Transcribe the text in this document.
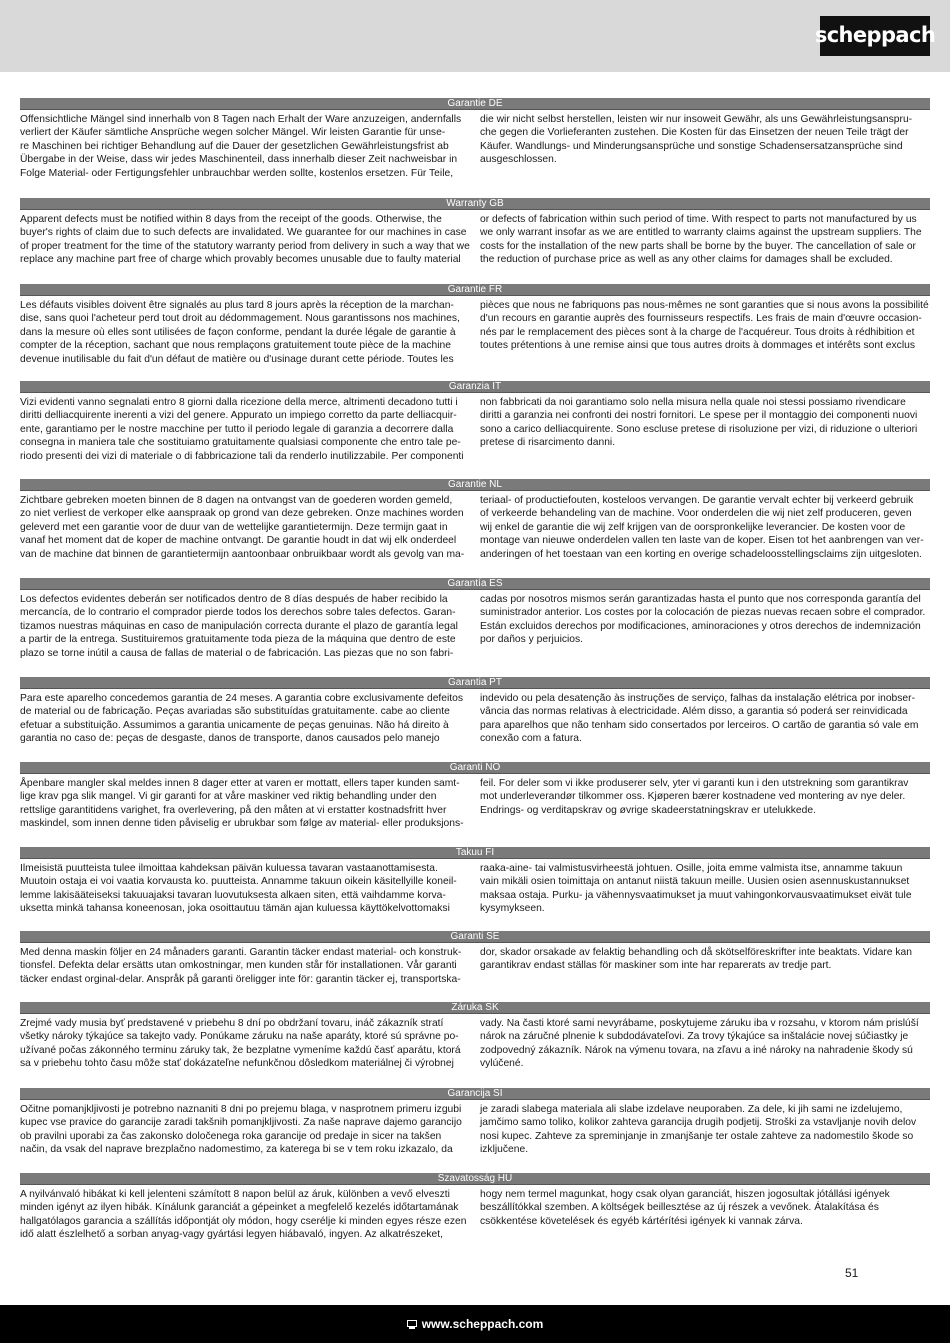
scheppach
Garantie DE
Offensichtliche Mängel sind innerhalb von 8 Tagen nach Erhalt der Ware anzuzeigen, andernfalls
verliert der Käufer sämtliche Ansprüche wegen solcher Mängel. Wir leisten Garantie für unse-
re Maschinen bei richtiger Behandlung auf die Dauer der gesetzlichen Gewährleistungsfrist ab
Übergabe in der Weise, dass wir jedes Maschinenteil, dass innerhalb dieser Zeit nachweisbar in
Folge Material- oder Fertigungsfehler unbrauchbar werden sollte, kostenlos ersetzen. Für Teile,
die wir nicht selbst herstellen, leisten wir nur insoweit Gewähr, als uns Gewährleistungsanspru-
che gegen die Vorlieferanten zustehen. Die Kosten für das Einsetzen der neuen Teile trägt der
Käufer. Wandlungs- und Minderungsansprüche und sonstige Schadensersatzansprüche sind
ausgeschlossen.
Warranty GB
Apparent defects must be notified within 8 days from the receipt of the goods. Otherwise, the
buyer's rights of claim due to such defects are invalidated. We guarantee for our machines in case
of proper treatment for the time of the statutory warranty period from delivery in such a way that we
replace any machine part free of charge which provably becomes unusable due to faulty material
or defects of fabrication within such period of time. With respect to parts not manufactured by us
we only warrant insofar as we are entitled to warranty claims against the upstream suppliers. The
costs for the installation of the new parts shall be borne by the buyer. The cancellation of sale or
the reduction of purchase price as well as any other claims for damages shall be excluded.
Garantie FR
Les défauts visibles doivent être signalés au plus tard 8 jours après la réception de la marchan-
dise, sans quoi l'acheteur perd tout droit au dédommagement. Nous garantissons nos machines,
dans la mesure où elles sont utilisées de façon conforme, pendant la durée légale de garantie à
compter de la réception, sachant que nous remplaçons gratuitement toute pièce de la machine
devenue inutilisable du fait d'un défaut de matière ou d'usinage durant cette période. Toutes les
pièces que nous ne fabriquons pas nous-mêmes ne sont garanties que si nous avons la possibilité
d'un recours en garantie auprès des fournisseurs respectifs. Les frais de main d'œuvre occasion-
nés par le remplacement des pièces sont à la charge de l'acquéreur. Tous droits à rédhibition et
toutes prétentions à une remise ainsi que tous autres droits à dommages et intérêts sont exclus
Garanzia IT
Vizi evidenti vanno segnalati entro 8 giorni dalla ricezione della merce, altrimenti decadono tutti i
diritti delliacquirente inerenti a vizi del genere. Appurato un impiego corretto da parte delliacquir-
ente, garantiamo per le nostre macchine per tutto il periodo legale di garanzia a decorrere dalla
consegna in maniera tale che sostituiamo gratuitamente qualsiasi componente che entro tale pe-
riodo presenti dei vizi di materiale o di fabbricazione tali da renderlo inutilizzabile. Per componenti
non fabbricati da noi garantiamo solo nella misura nella quale noi stessi possiamo rivendicare
diritti a garanzia nei confronti dei nostri fornitori. Le spese per il montaggio dei componenti nuovi
sono a carico delliacquirente. Sono escluse pretese di risoluzione per vizi, di riduzione o ulteriori
pretese di risarcimento danni.
Garantie NL
Zichtbare gebreken moeten binnen de 8 dagen na ontvangst van de goederen worden gemeld,
zo niet verliest de verkoper elke aanspraak op grond van deze gebreken. Onze machines worden
geleverd met een garantie voor de duur van de wettelijke garantietermijn. Deze termijn gaat in
vanaf het moment dat de koper de machine ontvangt. De garantie houdt in dat wij elk onderdeel
van de machine dat binnen de garantietermijn aantoonbaar onbruikbaar wordt als gevolg van ma-
teriaal- of productiefouten, kosteloos vervangen. De garantie vervalt echter bij verkeerd gebruik
of verkeerde behandeling van de machine. Voor onderdelen die wij niet zelf produceren, geven
wij enkel de garantie die wij zelf krijgen van de oorspronkelijke leverancier. De kosten voor de
montage van nieuwe onderdelen vallen ten laste van de koper. Eisen tot het aanbrengen van ver-
anderingen of het toestaan van een korting en overige schadeloosstellingsclaims zijn uitgesloten.
Garantía ES
Los defectos evidentes deberán ser notificados dentro de 8 días después de haber recibido la
mercancía, de lo contrario el comprador pierde todos los derechos sobre tales defectos. Garan-
tizamos nuestras máquinas en caso de manipulación correcta durante el plazo de garantía legal
a partir de la entrega. Sustituiremos gratuitamente toda pieza de la máquina que dentro de este
plazo se torne inútil a causa de fallas de material o de fabricación. Las piezas que no son fabri-
cadas por nosotros mismos serán garantizadas hasta el punto que nos corresponda garantía del
suministrador anterior. Los costes por la colocación de piezas nuevas recaen sobre el comprador.
Están excluidos derechos por modificaciones, aminoraciones y otros derechos de indemnización
por daños y perjuicios.
Garantia PT
Para este aparelho concedemos garantia de 24 meses. A garantia cobre exclusivamente defeitos
de material ou de fabricação. Peças avariadas são substituídas gratuitamente. cabe ao cliente
efetuar a substituição. Assumimos a garantia unicamente de peças genuinas. Não há direito à
garantia no caso de: peças de desgaste, danos de transporte, danos causados pelo manejo
indevido ou pela desatenção às instruções de serviço, falhas da instalação elétrica por inobser-
vância das normas relativas à electricidade. Além disso, a garantia só poderá ser reinvidicada
para aparelhos que não tenham sido consertados por lerceiros. O cartão de garantia só vale em
conexão com a fatura.
Garanti NO
Åpenbare mangler skal meldes innen 8 dager etter at varen er mottatt, ellers taper kunden samt-
lige krav pga slik mangel. Vi gir garanti for at våre maskiner ved riktig behandling under den
rettslige garantitidens varighet, fra overlevering, på den måten at vi erstatter kostnadsfritt hver
maskindel, som innen denne tiden påviselig er ubrukbar som følge av material- eller produksjons-
feil. For deler som vi ikke produserer selv, yter vi garanti kun i den utstrekning som garantikrav
mot underleverandør tilkommer oss. Kjøperen bærer kostnadene ved montering av nye deler.
Endrings- og verditapskrav og øvrige skadeerstatningskrav er utelukkede.
Takuu FI
Ilmeisistä puutteista tulee ilmoittaa kahdeksan päivän kuluessa tavaran vastaanottamisesta.
Muutoin ostaja ei voi vaatia korvausta ko. puutteista. Annamme takuun oikein käsitellyille koneil-
lemme lakisääteiseksi takuuajaksi tavaran luovutuksesta alkaen siten, että vaihdamme korva-
uksetta minkä tahansa koneenosan, joka osoittautuu tämän ajan kuluessa käyttökelvottomaksi
raaka-aine- tai valmistusvirheestä johtuen. Osille, joita emme valmista itse, annamme takuun
vain mikäli osien toimittaja on antanut niistä takuun meille. Uusien osien asennuskustannukset
maksaa ostaja. Purku- ja vähennysvaatimukset ja muut vahingonkorvausvaatimukset eivät tule
kysymykseen.
Garanti SE
Med denna maskin följer en 24 månaders garanti. Garantin täcker endast material- och konstruk-
tionsfel. Defekta delar ersätts utan omkostningar, men kunden står för installationen. Vår garanti
täcker endast orginal-delar. Anspråk på garanti öreligger inte för: garantin täcker ej, transportska-
dor, skador orsakade av felaktig behandling och då skötselföreskrifter inte beaktats. Vidare kan
garantikrav endast ställas för maskiner som inte har reparerats av tredje part.
Záruka SK
Zrejmé vady musia byť predstavené v priebehu 8 dní po obdržaní tovaru, ináč zákazník stratí
všetky nároky týkajúce sa takejto vady. Ponúkame záruku na naše aparáty, ktoré sú správne po-
užívané počas zákonného terminu záruky tak, že bezplatne vymeníme každú časť aparátu, ktorá
sa v priebehu tohto času môže stať dokázateľne nefunkčnou dôsledkom materiálnej či výrobnej
vady. Na časti ktoré sami nevyrábame, poskytujeme záruku iba v rozsahu, v ktorom nám prislúší
nárok na záručné plnenie k subdodávateľovi. Za trovy týkajúce sa inštalácie novej súčiastky je
zodpovedný zákazník. Nárok na výmenu tovara, na zľavu a iné nároky na nahradenie škody sú
vylúčené.
Garancija SI
Očitne pomanjkljivosti je potrebno naznaniti 8 dni po prejemu blaga, v nasprotnem primeru izgubi
kupec vse pravice do garancije zaradi takšnih pomanjkljivosti. Za naše naprave dajemo garancijo
ob pravilni uporabi za čas zakonsko določenega roka garancije od predaje in sicer na takšen
način, da vsak del naprave brezplačno nadomestimo, za katerega bi se v tem roku izkazalo, da
je zaradi slabega materiala ali slabe izdelave neuporaben. Za dele, ki jih sami ne izdelujemo,
jamčimo samo toliko, kolikor zahteva garancija drugih podjetij. Stroški za vstavljanje novih delov
nosi kupec. Zahteve za spreminjanje in zmanjšanje ter ostale zahteve za nadomestilo škode so
izključene.
Szavatosság HU
A nyilvánvaló hibákat ki kell jelenteni számított 8 napon belül az áruk, különben a vevő elveszti
minden igényt az ilyen hibák. Kínálunk garanciát a gépeinket a megfelelő kezelés időtartamának
hallgatólagos garancia a szállítás időpontját oly módon, hogy cserélje ki minden egyes része ezen
idő alatt észlelhető a sorban anyag-vagy gyártási legyen hiábavaló, ingyen. Az alkatrészeket,
hogy nem termel magunkat, hogy csak olyan garanciát, hiszen jogosultak jótállási igények
beszállítókkal szemben. A költségek beillesztése az új részek a vevőnek. Átalakítása és
csökkentése követelések és egyéb kártérítési igények ki vannak zárva.
51
www.scheppach.com
